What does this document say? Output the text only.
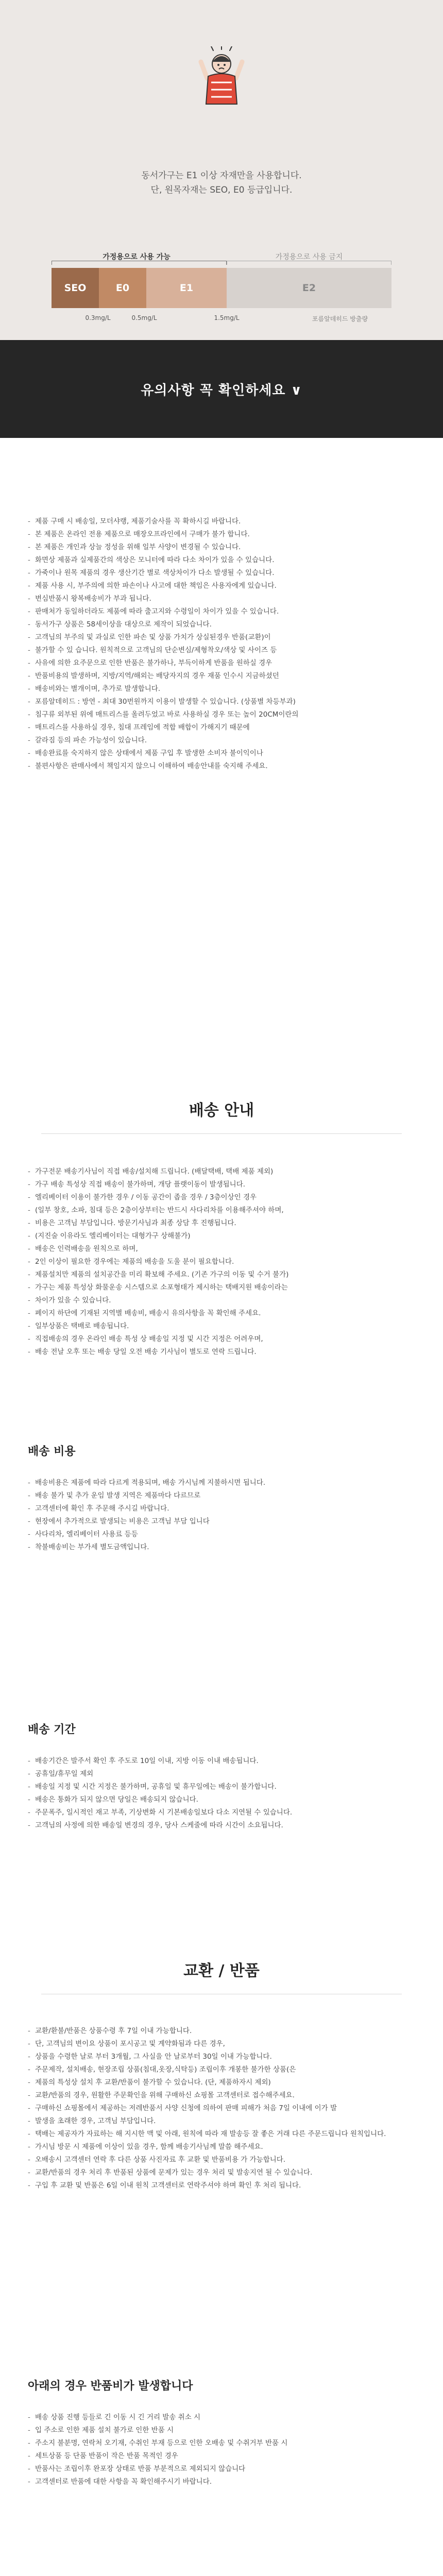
동서가구는 E1 이상 자재만을 사용합니다.
단, 원목자재는 SEO, E0 등급입니다.
가정용으로 사용 가능	가정용으로 사용 금지
SEO	E0	E1	E2
0.3mg/L	0.5mg/L	1.5mg/L	포름알데히드 방출량
유의사항 꼭 확인하세요 ∨
- 제품 구매 시 배송일, 모더샤랭, 제품기술사를 꼭 확하시길 바랍니다.
- 본 제품은 온라인 전용 제품으로 매장오프라인에서 구매가 불가 합니다.
- 본 제품은 개인과 상늘 정성을 위해 일부 사양이 변경될 수 있습니다.
- 화면상 제품과 실제품간의 색상은 모니터에 따라 다소 차이가 있을 수 있습니다.
- 가죽이나 원목 제품의 경우 생산기간 별로 색상차이가 다소 발생될 수 있습니다.
- 제품 사용 시, 부주의에 의한 파손이나 사고에 대한 책임은 사용자에게 있습니다.
- 변심반품시 왕복배송비가 부과 됩니다.
- 판매처가 동일하더라도 제품에 따라 출고지와 수령일이 차이가 있을 수 있습니다.
- 동서가구 상품은 58세이상을 대상으로 제작이 되었습니다.
- 고객님의 부주의 및 과실로 인한 파손 및 상품 가치가 상실된경우 반품(교환)이
- 불가할 수 있 습니다. 원칙적으로 고객님의 단순변심/제형착오/색상 및 사이즈 등
- 사유에 의한 요주문으로 인한 반품은 불가하나, 부득이하게 반품을 원하실 경우
- 반품비용의 발생하며, 지방/지역/해외는 배당자지의 경우 재품 인수시 지금하셨던
- 배송비와는 별개이며, 추가로 발생합니다.
- 포름알데히드 : 방연 - 최대 30번원까지 이용이 발생할 수 있습니다. (상품별 차등부과)
- 침구류 외부된 위에 매트리스를 올려두었고 바로 사용하실 경우 또는 높이 20CM이란의
- 매트리스를 사용하실 경우, 침대 프레임에 적합 배합이 가해지기 때문에
- 갈라짐 등의 파손 가능성이 있습니다.
- 배송완료를 숙지하지 않은 상태에서 제품 구입 후 발생한 소비자 불이익이나
- 불편사항은 판매사에서 책임지지 않으니 이해하여 배송안내를 숙지해 주세요.
배송 안내
- 가구전문 배송기사님이 직접 배송/설치해 드립니다. (배달택배, 택배 제품 제외)
- 가구 배송 특성상 직접 배송이 불가하며, 개당 플랫이동이 발생됩니다.
- 엘리베이터 이용이 불가한 경우 / 이동 공간이 좁을 경우 / 3층이상인 경우
- (일부 창호, 소파, 침대 등은 2층이상부터는 반드시 사다리차를 이용해주셔야 하며,
- 비용은 고객님 부담입니다. 방문기사님과 최종 상담 후 진행됩니다.
- (지진술 이유라도 엘리베이터는 대형가구 상해불가)
- 배송은 인력배송을 원칙으로 하며,
- 2인 이상이 필요한 경우에는 제품의 배송을 도울 분이 필요합니다.
- 제품설치만 제품의 설치공간을 미리 확보해 주세요. (기존 가구의 이동 및 수거 불가)
- 가구는 제품 특성상 화물운송 시스템으로 소포형태가 제시하는 택배지원 배송이라는
- 차이가 있을 수 있습니다.
- 페이지 하단에 기재된 지역별 배송비, 배송시 유의사항을 꼭 확인해 주세요.
- 일부상품은 택배로 배송됩니다.
- 직접배송의 경우 온라인 배송 특성 상 배송일 지정 및 시간 지정은 어려우며,
- 배송 전날 오후 또는 배송 당일 오전 배송 기사님이 별도로 연락 드립니다.
배송 비용
- 배송비용은 제품에 따라 다르게 적용되며, 배송 가시님께 지불하시면 됩니다.
- 배송 불가 및 추가 운임 발생 지역은 제품마다 다르므로
- 고객센터에 확인 후 주문해 주시길 바랍니다.
- 현장에서 추가적으로 발생되는 비용은 고객님 부담 입니다
- 사다리차, 엘리베이터 사용료 등등
- 착불배송비는 부가세 별도금액입니다.
배송 기간
- 배송기간은 발주서 확인 후 주도로 10일 이내, 지방 이동 이내 배송됩니다.
- 공휴일/휴무일 제외
- 배송일 지정 및 시간 지정은 불가하며, 공휴일 및 휴무일에는 배송이 불가합니다.
- 배송은 통화가 되지 않으면 당일은 배송되지 않습니다.
- 주문폭주, 일시적인 재고 부족, 기상변화 시 기본배송일보다 다소 지연될 수 있습니다.
- 고객님의 사정에 의한 배송일 변경의 경우, 당사 스케줄에 따라 시간이 소요됩니다.
교환 / 반품
- 교환/환불/반품은 상품수령 후 7일 이내 가능합니다.
- 단, 고객님의 변이요 상품이 포시공고 및 계약화됨과 다른 경우,
- 상품을 수령한 날로 부터 3개월, 그 사실을 안 날로부터 30일 이내 가능합니다.
- 주문제작, 설치배송, 현장조립 상품(침대,옷장,식탁등) 조립이후 개봉한 불가한 상품(은
- 제품의 특성상 설치 후 교환/반품이 불가할 수 있습니다. (단, 제품하자시 제외)
- 교환/반품의 경우, 원활한 주문확인을 위해 구매하신 쇼핑몰 고객센터로 접수해주세요.
- 구매하신 쇼핑몰에서 제공하는 저레반품서 사양 신청에 의하여 판매 피해가 처음 7일 이내에 이가 발
- 발생을 초래한 경우, 고객님 부담입니다.
- 택배는 제공자가 자료하는 해 지시한 맥 및 아래, 원칙에 따라 재 발송등 잘 좋은 거래 다른 주문드립니다 원칙입니다.
- 가시님 방문 시 제품에 이상이 있을 경우, 함께 배송기사님께 말씀 해주세요.
- 오배송시 고객센터 연락 후 다른 상품 사진자료 후 교환 및 반품비용 가 가능합니다.
- 교환/반품의 경우 처리 후 반품된 상품에 문제가 있는 경우 처리 및 발송지연 될 수 있습니다.
- 구입 후 교환 및 반품은 6일 이내 원칙 고객센터로 연락주셔야 하며 확인 후 처리 됩니다.
아래의 경우 반품비가 발생합니다
- 배송 상품 진행 등들로 긴 이동 시 긴 거리 발송 취소 시
- 입 주소로 인한 제품 설치 불가로 인한 반품 시
- 주소지 불분명, 연락처 오기재, 수취인 부재 등으로 인한 오배송 및 수취거부 반품 시
- 세트상품 등 단품 반품이 작은 반품 목적인 경우
- 반품사는 조립이후 완포장 상태로 반품 부분적으로 제외되지 않습니다
- 고객센터로 반품에 대한 사항을 꼭 확인해주시기 바랍니다.
